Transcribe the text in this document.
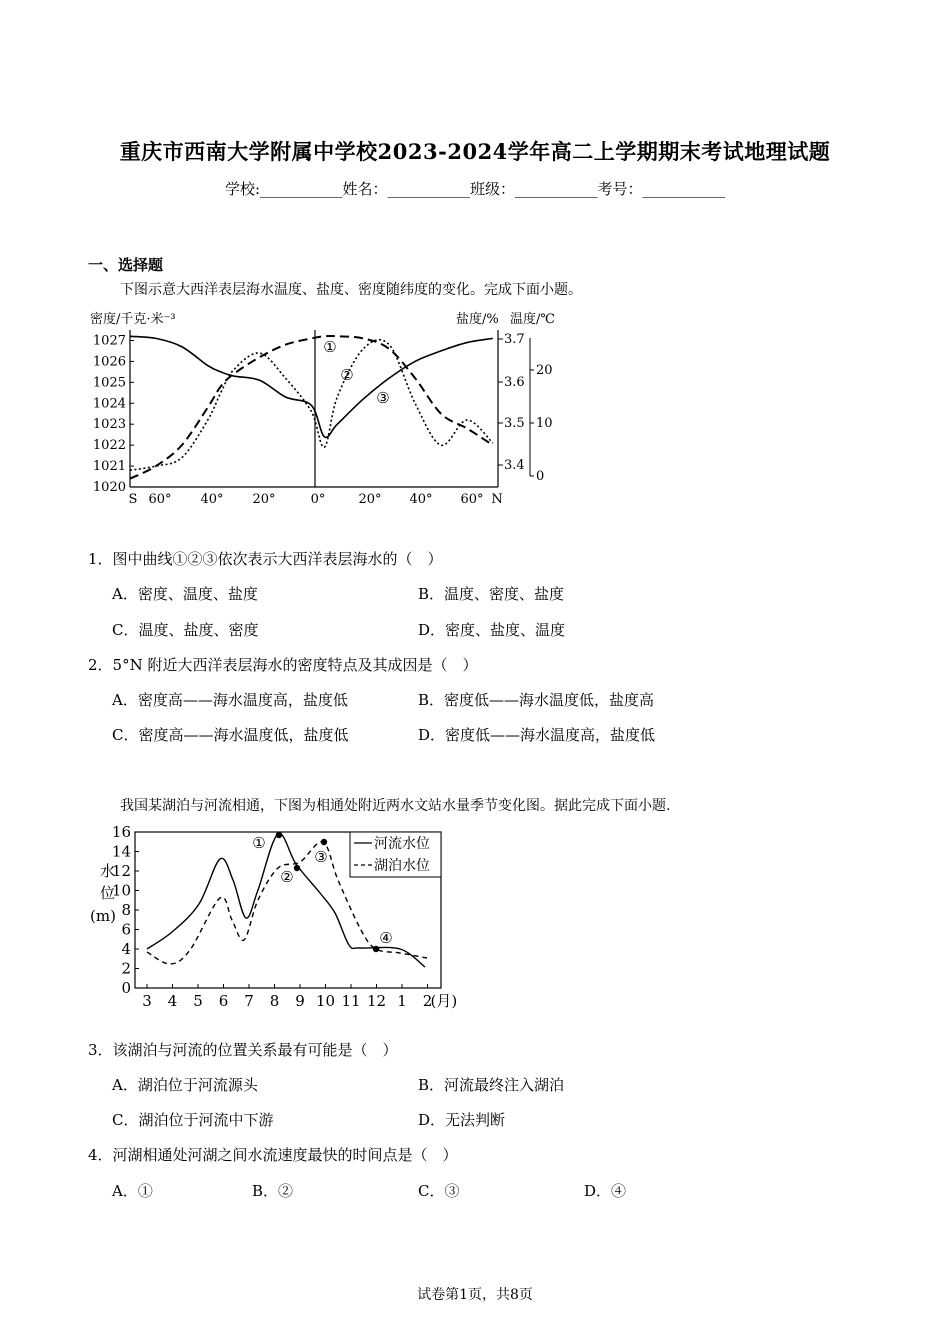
重庆市西南大学附属中学校2023-2024学年高二上学期期末考试地理试题
学校:___________姓名：___________班级：___________考号：___________
一、选择题
下图示意大西洋表层海水温度、盐度、密度随纬度的变化。完成下面小题。
密度/千克·米⁻³	盐度/% 温度/℃
1027
1026
1025
1024
1023
1022
1021
1020
3.7
3.6
3.5
3.4
20
10
0
S 60° 40° 20°	0°	20° 40° 60° N
①
②
③
1．图中曲线①②③依次表示大西洋表层海水的（　）
A．密度、温度、盐度	B．温度、密度、盐度
C．温度、盐度、密度	D．密度、盐度、温度
2．5°N 附近大西洋表层海水的密度特点及其成因是（　）
A．密度高——海水温度高，盐度低	B．密度低——海水温度低，盐度高
C．密度高——海水温度低，盐度低	D．密度低——海水温度高，盐度低
我国某湖泊与河流相通，下图为相通处附近两水文站水量季节变化图。据此完成下面小题.
水
位
(m)
河流水位
湖泊水位
16
14
12
10
8
6
4
2
0
3 4 5 6 7 8 9 10 11 12 1 2
(月)
①
②
③
④
3．该湖泊与河流的位置关系最有可能是（　）
A．湖泊位于河流源头	B．河流最终注入湖泊
C．湖泊位于河流中下游	D．无法判断
4．河湖相通处河湖之间水流速度最快的时间点是（　）
A．①	B．②	C．③	D．④
试卷第1页，共8页
